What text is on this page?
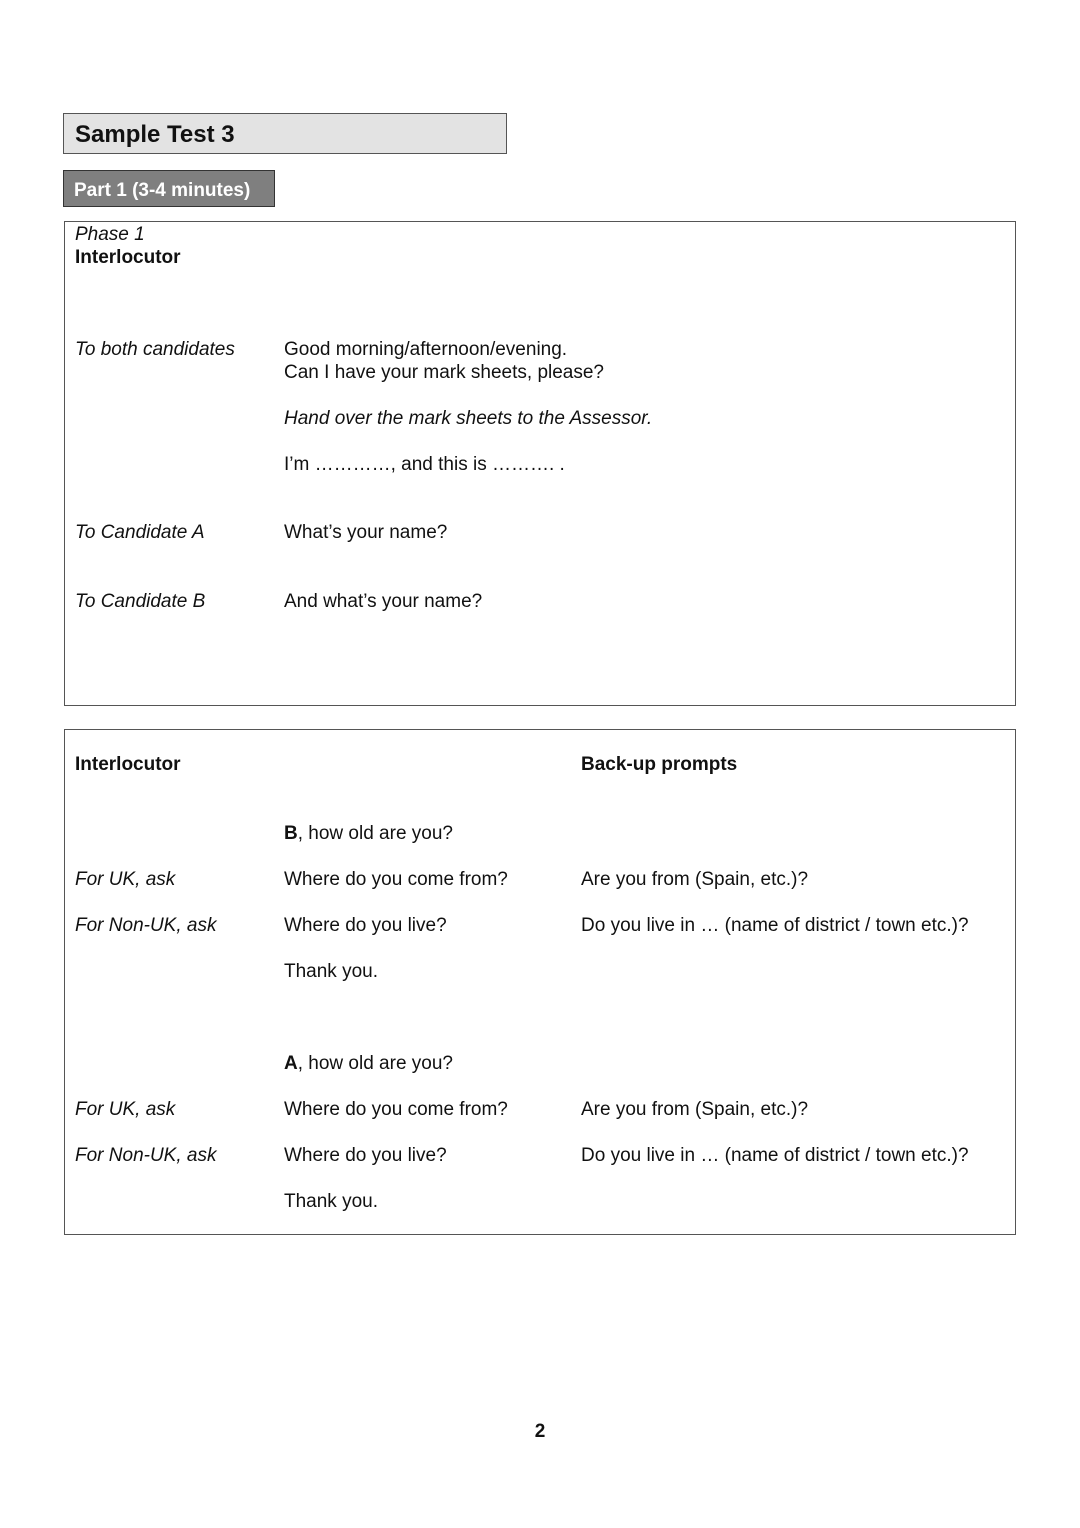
Sample Test 3
Part 1 (3-4 minutes)
Phase 1
Interlocutor
To both candidates	Good morning/afternoon/evening.
Can I have your mark sheets, please?
Hand over the mark sheets to the Assessor.
I’m …………, and this is ………. .
To Candidate A	What’s your name?
To Candidate B	And what’s your name?
Interlocutor	Back-up prompts
B, how old are you?
For UK, ask	Where do you come from?	Are you from (Spain, etc.)?
For Non-UK, ask	Where do you live?	Do you live in … (name of district / town etc.)?
Thank you.
A, how old are you?
For UK, ask	Where do you come from?	Are you from (Spain, etc.)?
For Non-UK, ask	Where do you live?	Do you live in … (name of district / town etc.)?
Thank you.
2
